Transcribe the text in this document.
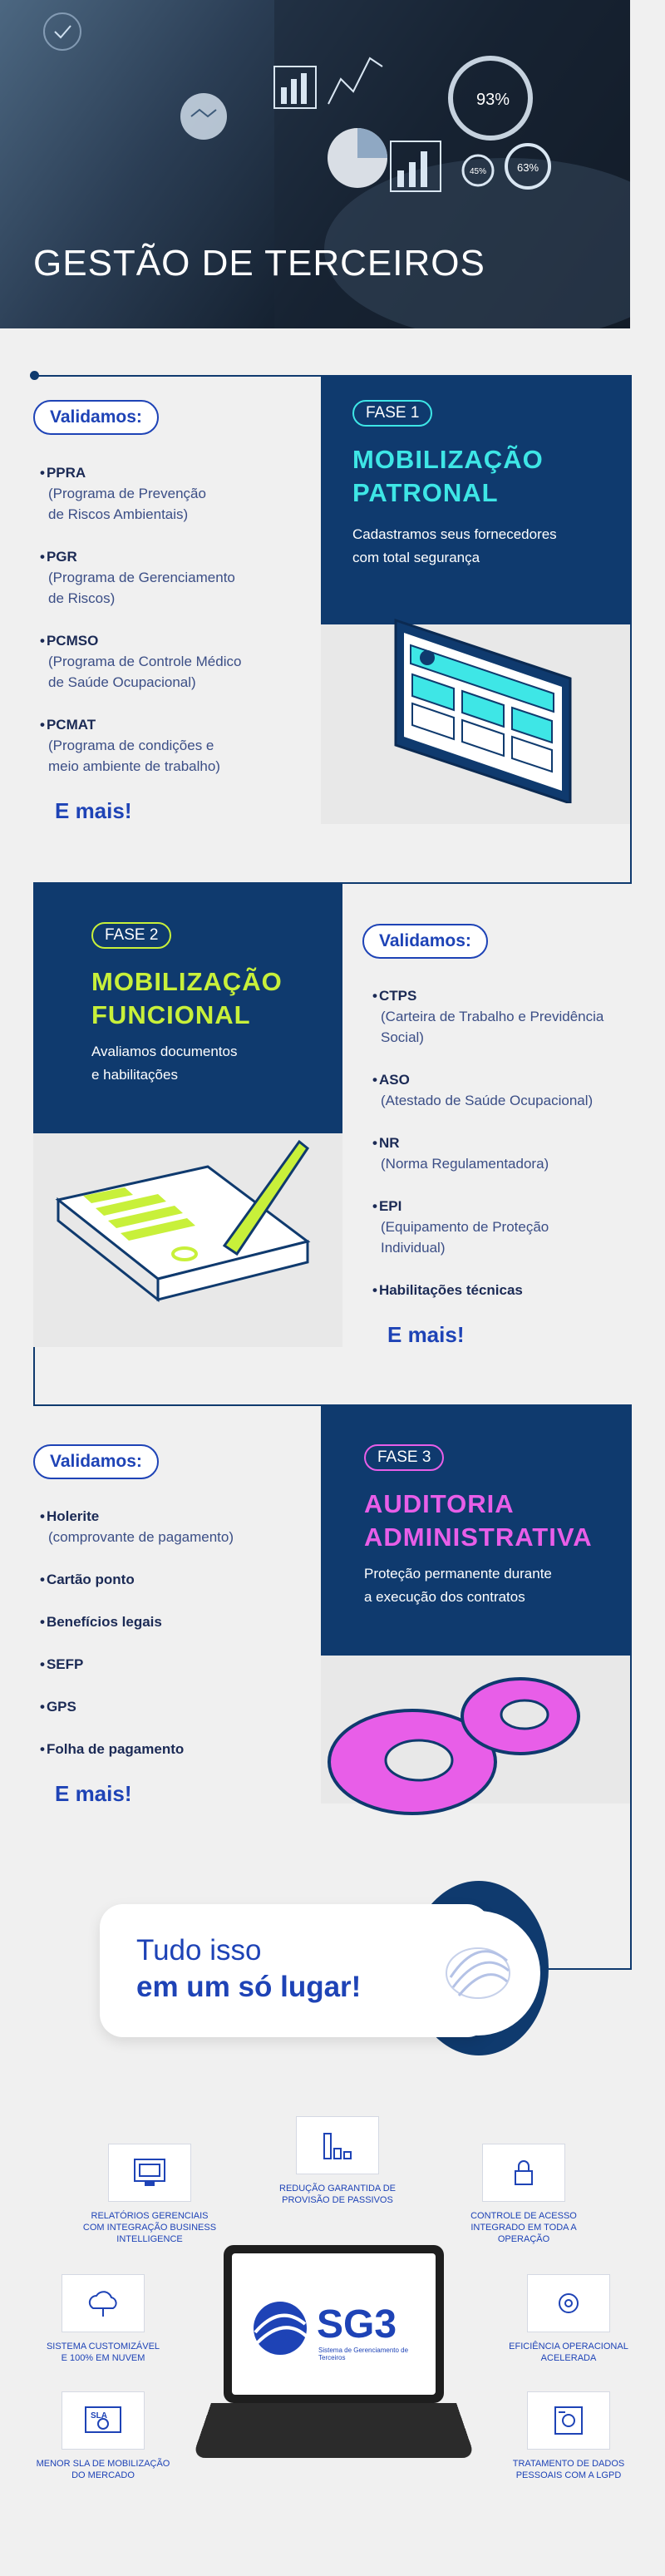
93%
63%
45%
GESTÃO DE TERCEIROS
Validamos:
• PPRA
(Programa de Prevenção
de Riscos Ambientais)
• PGR
(Programa de Gerenciamento
de Riscos)
• PCMSO
(Programa de Controle Médico
de Saúde Ocupacional)
• PCMAT
(Programa de condições e
meio ambiente de trabalho)
E mais!
FASE 1
MOBILIZAÇÃO
PATRONAL
Cadastramos seus fornecedores
com total segurança
FASE 2
MOBILIZAÇÃO
FUNCIONAL
Avaliamos documentos
e habilitações
Validamos:
• CTPS
(Carteira de Trabalho e Previdência
Social)
• ASO
(Atestado de Saúde Ocupacional)
• NR
(Norma Regulamentadora)
• EPI
(Equipamento de Proteção
Individual)
• Habilitações técnicas
E mais!
Validamos:
• Holerite
(comprovante de pagamento)
• Cartão ponto
• Benefícios legais
• SEFP
• GPS
• Folha de pagamento
E mais!
FASE 3
AUDITORIA
ADMINISTRATIVA
Proteção permanente durante
a execução dos contratos
Tudo isso
em um só lugar!
RELATÓRIOS GERENCIAIS
COM INTEGRAÇÃO BUSINESS
INTELLIGENCE
REDUÇÃO GARANTIDA DE
PROVISÃO DE PASSIVOS
CONTROLE DE ACESSO
INTEGRADO EM TODA A
OPERAÇÃO
SISTEMA CUSTOMIZÁVEL
E 100% EM NUVEM
EFICIÊNCIA OPERACIONAL
ACELERADA
SLA
MENOR SLA DE MOBILIZAÇÃO
DO MERCADO
TRATAMENTO DE DADOS
PESSOAIS COM A LGPD
SG3
Sistema de Gerenciamento de Terceiros
